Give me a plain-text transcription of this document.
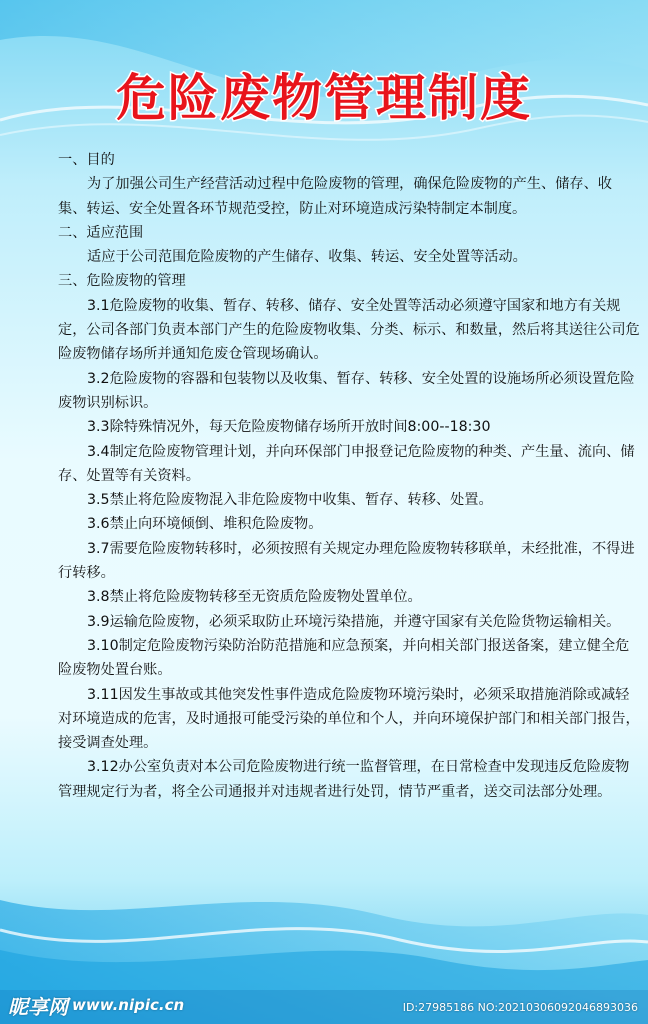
危险废物管理制度

一、目的

为了加强公司生产经营活动过程中危险废物的管理，确保危险废物的产生、储存、收集、转运、安全处置各环节规范受控，防止对环境造成污染特制定本制度。

二、适应范围

适应于公司范围危险废物的产生储存、收集、转运、安全处置等活动。

三、危险废物的管理

3.1危险废物的收集、暂存、转移、储存、安全处置等活动必须遵守国家和地方有关规定，公司各部门负责本部门产生的危险废物收集、分类、标示、和数量，然后将其送往公司危险废物储存场所并通知危废仓管现场确认。

3.2危险废物的容器和包装物以及收集、暂存、转移、安全处置的设施场所必须设置危险废物识别标识。

3.3除特殊情况外，每天危险废物储存场所开放时间8:00--18:30

3.4制定危险废物管理计划，并向环保部门申报登记危险废物的种类、产生量、流向、储存、处置等有关资料。

3.5禁止将危险废物混入非危险废物中收集、暂存、转移、处置。

3.6禁止向环境倾倒、堆积危险废物。

3.7需要危险废物转移时，必须按照有关规定办理危险废物转移联单，未经批准，不得进行转移。

3.8禁止将危险废物转移至无资质危险废物处置单位。

3.9运输危险废物，必须采取防止环境污染措施，并遵守国家有关危险货物运输相关。

3.10制定危险废物污染防治防范措施和应急预案，并向相关部门报送备案，建立健全危险废物处置台账。

3.11因发生事故或其他突发性事件造成危险废物环境污染时，必须采取措施消除或减轻对环境造成的危害，及时通报可能受污染的单位和个人，并向环境保护部门和相关部门报告，接受调查处理。

3.12办公室负责对本公司危险废物进行统一监督管理，在日常检查中发现违反危险废物管理规定行为者，将全公司通报并对违规者进行处罚，情节严重者，送交司法部分处理。

昵享网 www.nipic.cn	ID:27985186 NO:20210306092046893036
